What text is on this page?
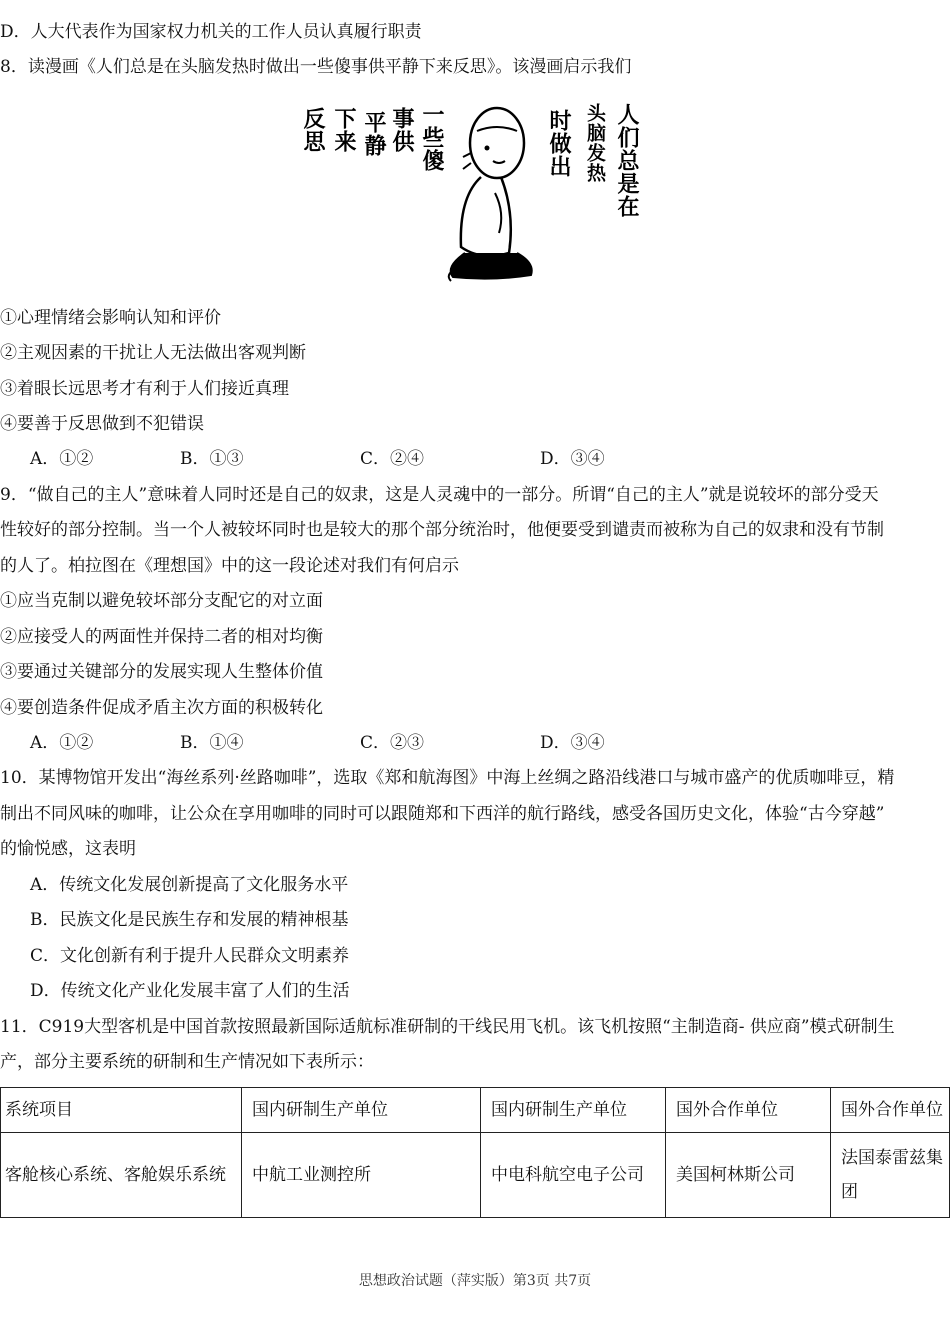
D．人大代表作为国家权力机关的工作人员认真履行职责
8．读漫画《人们总是在头脑发热时做出一些傻事供平静下来反思》。该漫画启示我们
人们总是在
头脑发热
时做出
一些傻
事供
平静
下来
反思
①心理情绪会影响认知和评价
②主观因素的干扰让人无法做出客观判断
③着眼长远思考才有利于人们接近真理
④要善于反思做到不犯错误
A．①②	B．①③	C．②④	D．③④
9．“做自己的主人”意味着人同时还是自己的奴隶，这是人灵魂中的一部分。所谓“自己的主人”就是说较坏的部分受天
性较好的部分控制。当一个人被较坏同时也是较大的那个部分统治时，他便要受到谴责而被称为自己的奴隶和没有节制
的人了。柏拉图在《理想国》中的这一段论述对我们有何启示
①应当克制以避免较坏部分支配它的对立面
②应接受人的两面性并保持二者的相对均衡
③要通过关键部分的发展实现人生整体价值
④要创造条件促成矛盾主次方面的积极转化
A．①②	B．①④	C．②③	D．③④
10．某博物馆开发出“海丝系列·丝路咖啡”，选取《郑和航海图》中海上丝绸之路沿线港口与城市盛产的优质咖啡豆，精
制出不同风味的咖啡，让公众在享用咖啡的同时可以跟随郑和下西洋的航行路线，感受各国历史文化，体验“古今穿越”
的愉悦感，这表明
A．传统文化发展创新提高了文化服务水平
B．民族文化是民族生存和发展的精神根基
C．文化创新有利于提升人民群众文明素养
D．传统文化产业化发展丰富了人们的生活
11．C919大型客机是中国首款按照最新国际适航标准研制的干线民用飞机。该飞机按照“主制造商- 供应商”模式研制生
产，部分主要系统的研制和生产情况如下表所示：
系统项目	国内研制生产单位	国内研制生产单位	国外合作单位	国外合作单位
客舱核心系统、客舱娱乐系统	中航工业测控所	中电科航空电子公司	美国柯林斯公司	法国泰雷兹集团
思想政治试题（萍实版）第3页 共7页
